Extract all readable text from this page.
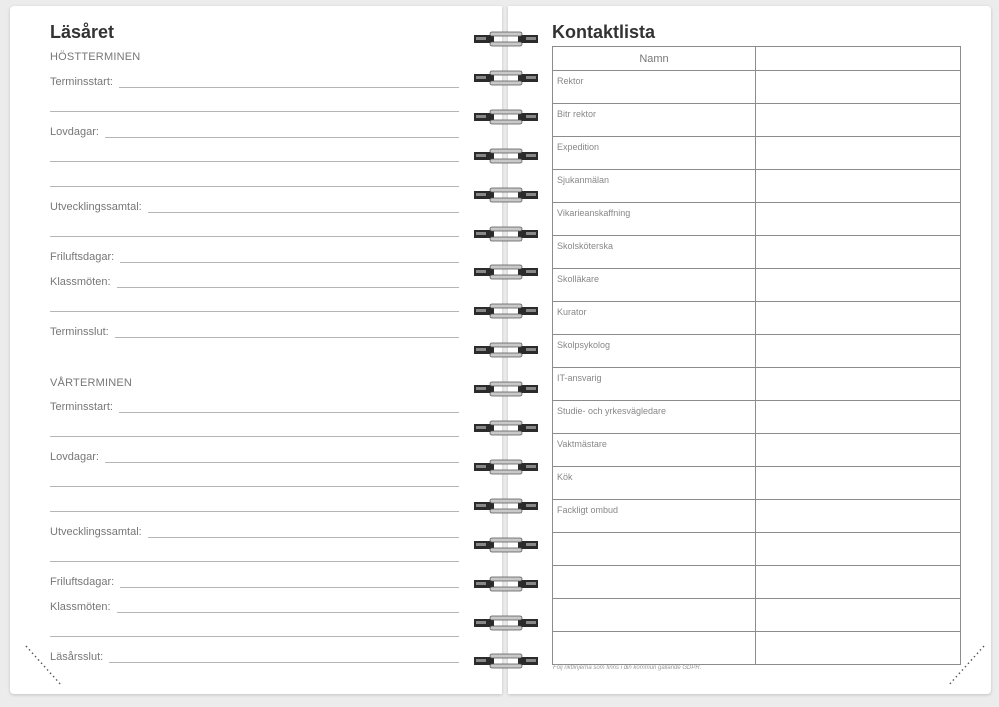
Läsåret
HÖSTTERMINEN
Terminsstart:
Lovdagar:
Utvecklingssamtal:
Friluftsdagar:
Klassmöten:
Terminsslut:
VÅRTERMINEN
Terminsstart:
Lovdagar:
Utvecklingssamtal:
Friluftsdagar:
Klassmöten:
Läsårsslut:
Kontaktlista
Namn	
Rektor	
Bitr rektor	
Expedition	
Sjukanmälan	
Vikarieanskaffning	
Skolsköterska	
Skolläkare	
Kurator	
Skolpsykolog	
IT-ansvarig	
Studie- och yrkesvägledare	
Vaktmästare	
Kök	
Fackligt ombud	

Följ riktlinjerna som finns i din kommun gällande GDPR.
